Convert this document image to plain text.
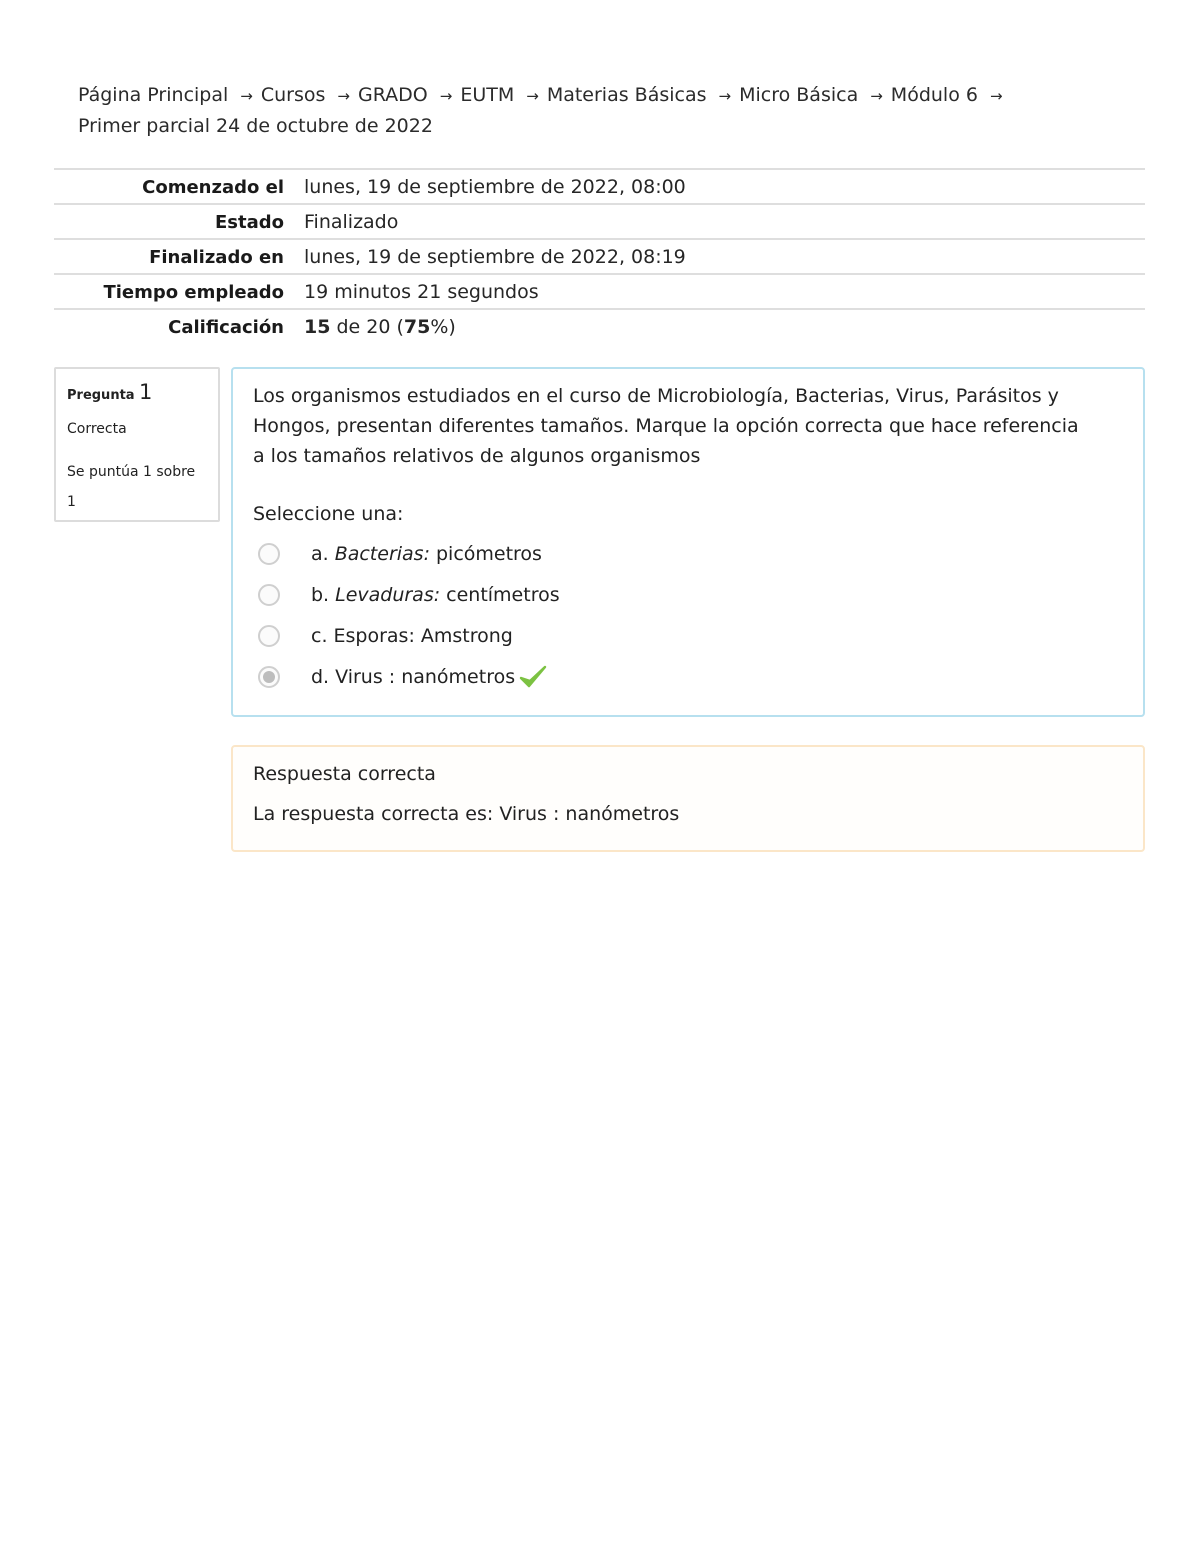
Página Principal → Cursos → GRADO → EUTM → Materias Básicas → Micro Básica → Módulo 6 →
Primer parcial 24 de octubre de 2022
Comenzado el	lunes, 19 de septiembre de 2022, 08:00
Estado	Finalizado
Finalizado en	lunes, 19 de septiembre de 2022, 08:19
Tiempo empleado	19 minutos 21 segundos
Calificación	15 de 20 (75%)
Pregunta 1
Correcta
Se puntúa 1 sobre 1
Los organismos estudiados en el curso de Microbiología, Bacterias, Virus, Parásitos y Hongos, presentan diferentes tamaños. Marque la opción correcta que hace referencia a los tamaños relativos de algunos organismos
Seleccione una:
a. Bacterias: picómetros
b. Levaduras: centímetros
c. Esporas: Amstrong
d. Virus : nanómetros
Respuesta correcta
La respuesta correcta es: Virus : nanómetros
